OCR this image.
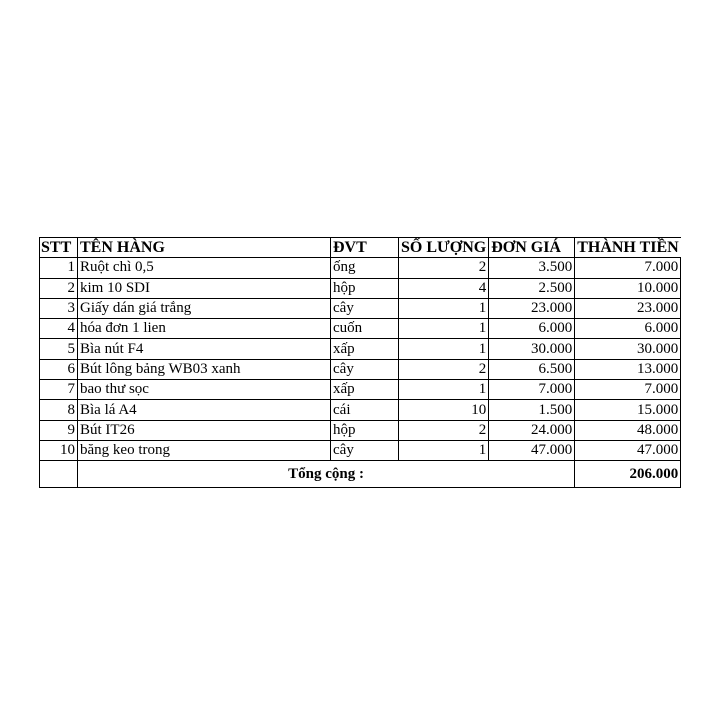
STT	TÊN HÀNG	ĐVT	SỐ LƯỢNG	ĐƠN GIÁ	THÀNH TIỀN
1	Ruột chì 0,5	ống	2	3.500	7.000
2	kim 10 SDI	hộp	4	2.500	10.000
3	Giấy dán giá trắng	cây	1	23.000	23.000
4	hóa đơn 1 lien	cuốn	1	6.000	6.000
5	Bìa nút F4	xấp	1	30.000	30.000
6	Bút lông bảng WB03 xanh	cây	2	6.500	13.000
7	bao thư sọc	xấp	1	7.000	7.000
8	Bìa lá A4	cái	10	1.500	15.000
9	Bút IT26	hộp	2	24.000	48.000
10	băng keo trong	cây	1	47.000	47.000
	Tổng cộng :				206.000
